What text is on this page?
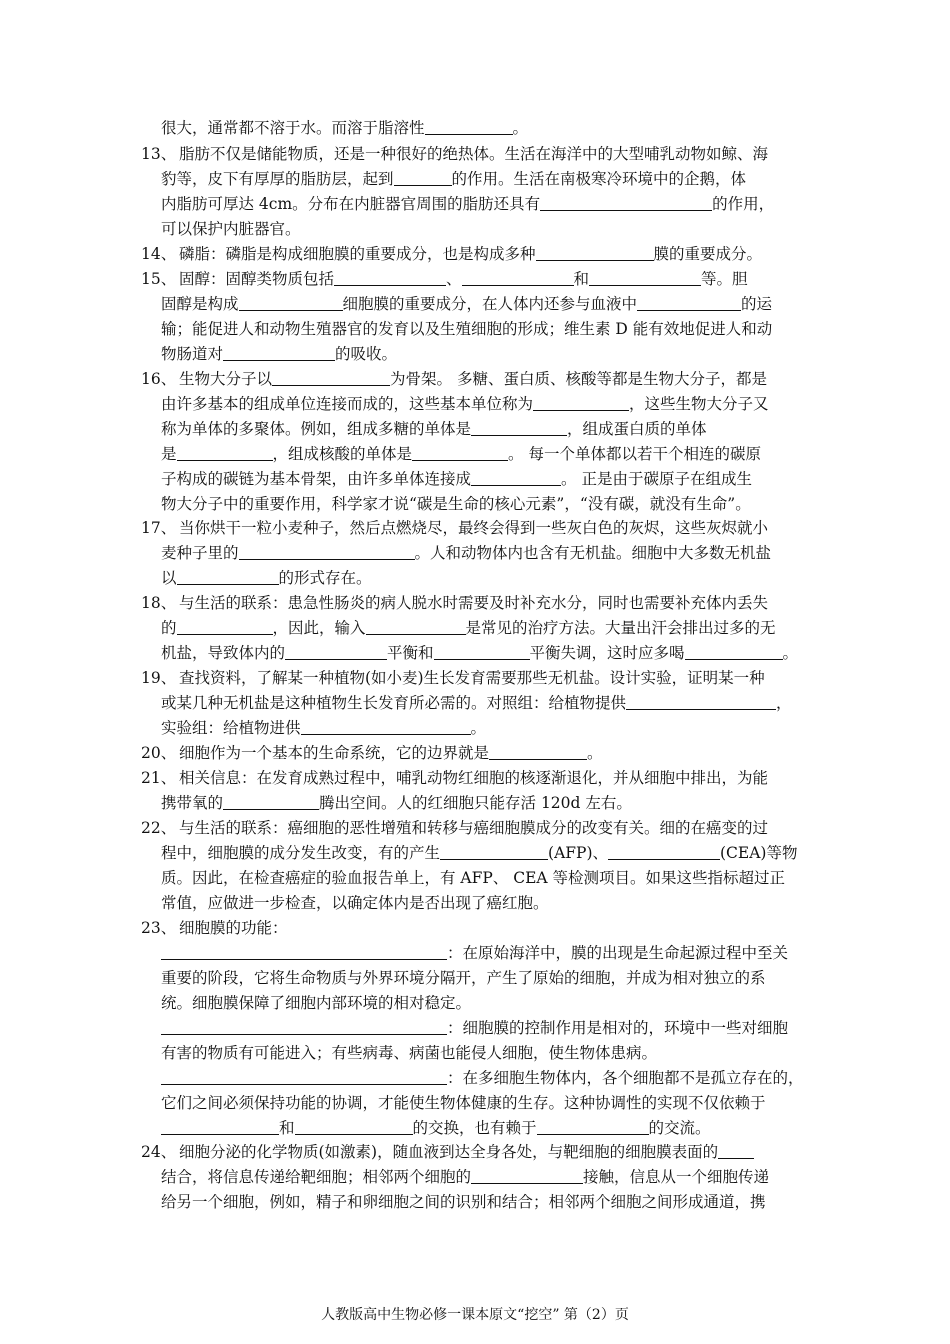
很大，通常都不溶于水。而溶于脂溶性	。
13、 脂肪不仅是储能物质，还是一种很好的绝热体。生活在海洋中的大型哺乳动物如鲸、海
豹等，皮下有厚厚的脂肪层，起到	的作用。生活在南极寒冷环境中的企鹅，体
内脂肪可厚达 4cm。分布在内脏器官周围的脂肪还具有	的作用，
可以保护内脏器官。
14、 磷脂：磷脂是构成细胞膜的重要成分，也是构成多种	膜的重要成分。
15、 固醇：固醇类物质包括	、	和	等。胆
固醇是构成	细胞膜的重要成分，在人体内还参与血液中	的运
输；能促进人和动物生殖器官的发育以及生殖细胞的形成；维生素 D 能有效地促进人和动
物肠道对	的吸收。
16、 生物大分子以	为骨架。 多糖、蛋白质、核酸等都是生物大分子，都是
由许多基本的组成单位连接而成的，这些基本单位称为	，这些生物大分子又
称为单体的多聚体。例如，组成多糖的单体是	，组成蛋白质的单体
是	，组成核酸的单体是	。 每一个单体都以若干个相连的碳原
子构成的碳链为基本骨架，由许多单体连接成	。 正是由于碳原子在组成生
物大分子中的重要作用，科学家才说“碳是生命的核心元素”，“没有碳，就没有生命”。
17、 当你烘干一粒小麦种子，然后点燃烧尽，最终会得到一些灰白色的灰烬，这些灰烬就小
麦种子里的	。人和动物体内也含有无机盐。细胞中大多数无机盐
以	的形式存在。
18、 与生活的联系：患急性肠炎的病人脱水时需要及时补充水分，同时也需要补充体内丢失
的	，因此，输入	是常见的治疗方法。大量出汗会排出过多的无
机盐，导致体内的	平衡和	平衡失调，这时应多喝	。
19、 查找资料，了解某一种植物(如小麦)生长发育需要那些无机盐。设计实验，证明某一种
或某几种无机盐是这种植物生长发育所必需的。对照组：给植物提供	，
实验组：给植物进供	。
20、 细胞作为一个基本的生命系统，它的边界就是	。
21、 相关信息：在发育成熟过程中，哺乳动物红细胞的核逐渐退化，并从细胞中排出，为能
携带氧的	腾出空间。人的红细胞只能存活 120d 左右。
22、 与生活的联系：癌细胞的恶性增殖和转移与癌细胞膜成分的改变有关。细的在癌变的过
程中，细胞膜的成分发生改变，有的产生	(AFP)、	(CEA)等物
质。因此，在检查癌症的验血报告单上，有 AFP、 CEA 等检测项目。如果这些指标超过正
常值，应做进一步检查，以确定体内是否出现了癌红胞。
23、 细胞膜的功能：
：在原始海洋中，膜的出现是生命起源过程中至关
重要的阶段，它将生命物质与外界环境分隔开，产生了原始的细胞，并成为相对独立的系
统。细胞膜保障了细胞内部环境的相对稳定。
：细胞膜的控制作用是相对的，环境中一些对细胞
有害的物质有可能进入；有些病毒、病菌也能侵人细胞，使生物体患病。
：在多细胞生物体内，各个细胞都不是孤立存在的，
它们之间必须保持功能的协调，才能使生物体健康的生存。这种协调性的实现不仅依赖于
和	的交换，也有赖于	的交流。
24、 细胞分泌的化学物质(如激素)，随血液到达全身各处，与靶细胞的细胞膜表面的
结合，将信息传递给靶细胞；相邻两个细胞的	接触，信息从一个细胞传递
给另一个细胞，例如，精子和卵细胞之间的识别和结合；相邻两个细胞之间形成通道，携
人教版高中生物必修一课本原文“挖空” 第（2）页
